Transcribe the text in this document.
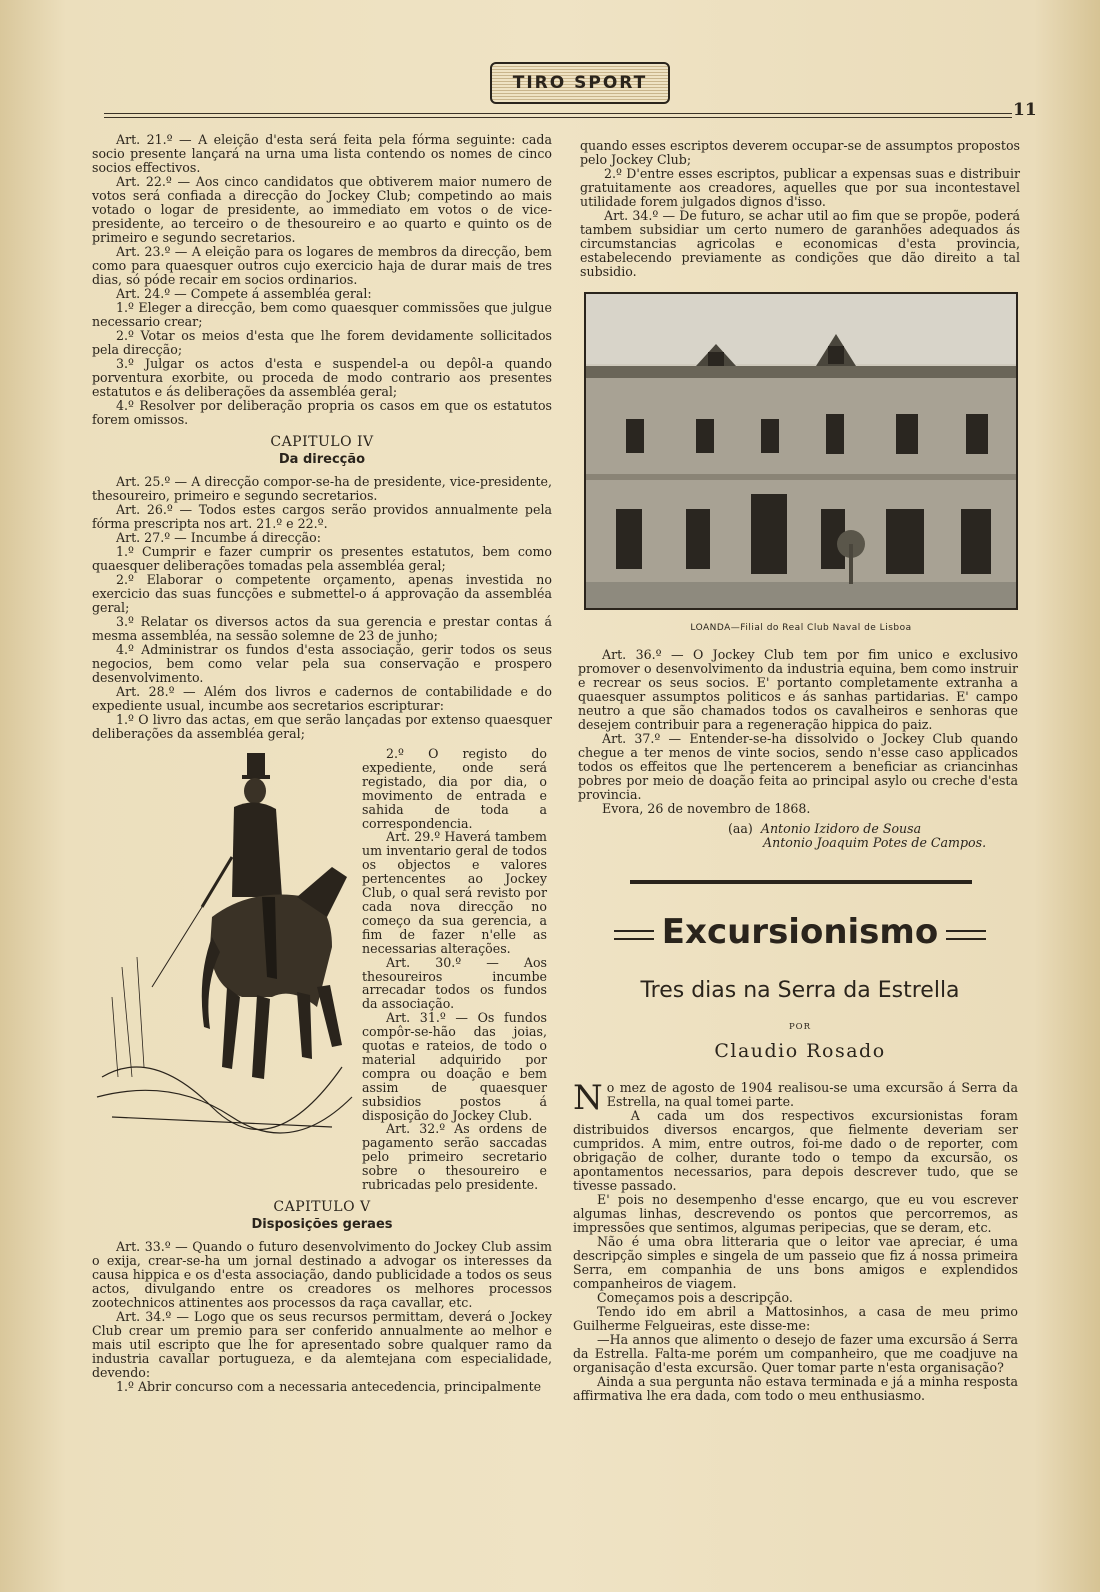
TIRO SPORT
11

Art. 21.º — A eleição d'esta será feita pela fórma seguinte: cada socio presente lançará na urna uma lista contendo os nomes de cinco socios effectivos.

Art. 22.º — Aos cinco candidatos que obtiverem maior numero de votos será confiada a direcção do Jockey Club; competindo ao mais votado o logar de presidente, ao immediato em votos o de vice-presidente, ao terceiro o de thesoureiro e ao quarto e quinto os de primeiro e segundo secretarios.

Art. 23.º — A eleição para os logares de membros da direcção, bem como para quaesquer outros cujo exercicio haja de durar mais de tres dias, só póde recair em socios ordinarios.

Art. 24.º — Compete á assembléa geral:

1.º Eleger a direcção, bem como quaesquer commissões que julgue necessario crear;

2.º Votar os meios d'esta que lhe forem devidamente sollicitados pela direcção;

3.º Julgar os actos d'esta e suspendel-a ou depôl-a quando porventura exorbite, ou proceda de modo contrario aos presentes estatutos e ás deliberações da assembléa geral;

4.º Resolver por deliberação propria os casos em que os estatutos forem omissos.

CAPITULO IV
Da direcção

Art. 25.º — A direcção compor-se-ha de presidente, vice-presidente, thesoureiro, primeiro e segundo secretarios.

Art. 26.º — Todos estes cargos serão providos annualmente pela fórma prescripta nos art. 21.º e 22.º.

Art. 27.º — Incumbe á direcção:

1.º Cumprir e fazer cumprir os presentes estatutos, bem como quaesquer deliberações tomadas pela assembléa geral;

2.º Elaborar o competente orçamento, apenas investida no exercicio das suas funcções e submettel-o á approvação da assembléa geral;

3.º Relatar os diversos actos da sua gerencia e prestar contas á mesma assembléa, na sessão solemne de 23 de junho;

4.º Administrar os fundos d'esta associação, gerir todos os seus negocios, bem como velar pela sua conservação e prospero desenvolvimento.

Art. 28.º — Além dos livros e cadernos de contabilidade e do expediente usual, incumbe aos secretarios escripturar:

1.º O livro das actas, em que serão lançadas por extenso quaesquer deliberações da assembléa geral;

2.º O registo do expediente, onde será registado, dia por dia, o movimento de entrada e sahida de toda a correspondencia.

Art. 29.º Haverá tambem um inventario geral de todos os objectos e valores pertencentes ao Jockey Club, o qual será revisto por cada nova direcção no começo da sua gerencia, a fim de fazer n'elle as necessarias alterações.

Art. 30.º — Aos thesoureiros incumbe arrecadar todos os fundos da associação.

Art. 31.º — Os fundos compôr-se-hão das joias, quotas e rateios, de todo o material adquirido por compra ou doação e bem assim de quaesquer subsidios postos á disposição do Jockey Club.

Art. 32.º As ordens de pagamento serão saccadas pelo primeiro secretario sobre o thesoureiro e rubricadas pelo presidente.

CAPITULO V
Disposições geraes

Art. 33.º — Quando o futuro desenvolvimento do Jockey Club assim o exija, crear-se-ha um jornal destinado a advogar os interesses da causa hippica e os d'esta associação, dando publicidade a todos os seus actos, divulgando entre os creadores os melhores processos zootechnicos attinentes aos processos da raça cavallar, etc.

Art. 34.º — Logo que os seus recursos permittam, deverá o Jockey Club crear um premio para ser conferido annualmente ao melhor e mais util escripto que lhe for apresentado sobre qualquer ramo da industria cavallar portugueza, e da alemtejana com especialidade, devendo:

1.º Abrir concurso com a necessaria antecedencia, principalmente

quando esses escriptos deverem occupar-se de assumptos propostos pelo Jockey Club;

2.º D'entre esses escriptos, publicar a expensas suas e distribuir gratuitamente aos creadores, aquelles que por sua incontestavel utilidade forem julgados dignos d'isso.

Art. 34.º — De futuro, se achar util ao fim que se propõe, poderá tambem subsidiar um certo numero de garanhões adequados ás circumstancias agricolas e economicas d'esta provincia, estabelecendo previamente as condições que dão direito a tal subsidio.

LOANDA—Filial do Real Club Naval de Lisboa

Art. 36.º — O Jockey Club tem por fim unico e exclusivo promover o desenvolvimento da industria equina, bem como instruir e recrear os seus socios. E' portanto completamente extranha a quaesquer assumptos politicos e ás sanhas partidarias. E' campo neutro a que são chamados todos os cavalheiros e senhoras que desejem contribuir para a regeneração hippica do paiz.

Art. 37.º — Entender-se-ha dissolvido o Jockey Club quando chegue a ter menos de vinte socios, sendo n'esse caso applicados todos os effeitos que lhe pertencerem a beneficiar as criancinhas pobres por meio de doação feita ao principal asylo ou creche d'esta provincia.

Evora, 26 de novembro de 1868.

(aa) Antonio Izidoro de Sousa
Antonio Joaquim Potes de Campos.
Excursionismo
Tres dias na Serra da Estrella
POR
Claudio Rosado

N o mez de agosto de 1904 realisou-se uma excursão á Serra da Estrella, na qual tomei parte.

A cada um dos respectivos excursionistas foram distribuidos diversos encargos, que fielmente deveriam ser cumpridos. A mim, entre outros, foi-me dado o de reporter, com obrigação de colher, durante todo o tempo da excursão, os apontamentos necessarios, para depois descrever tudo, que se tivesse passado.

E' pois no desempenho d'esse encargo, que eu vou escrever algumas linhas, descrevendo os pontos que percorremos, as impressões que sentimos, algumas peripecias, que se deram, etc.

Não é uma obra litteraria que o leitor vae apreciar, é uma descripção simples e singela de um passeio que fiz á nossa primeira Serra, em companhia de uns bons amigos e explendidos companheiros de viagem.

Começamos pois a descripção.

Tendo ido em abril a Mattosinhos, a casa de meu primo Guilherme Felgueiras, este disse-me:

—Ha annos que alimento o desejo de fazer uma excursão á Serra da Estrella. Falta-me porém um companheiro, que me coadjuve na organisação d'esta excursão. Quer tomar parte n'esta organisação?

Ainda a sua pergunta não estava terminada e já a minha resposta affirmativa lhe era dada, com todo o meu enthusiasmo.
